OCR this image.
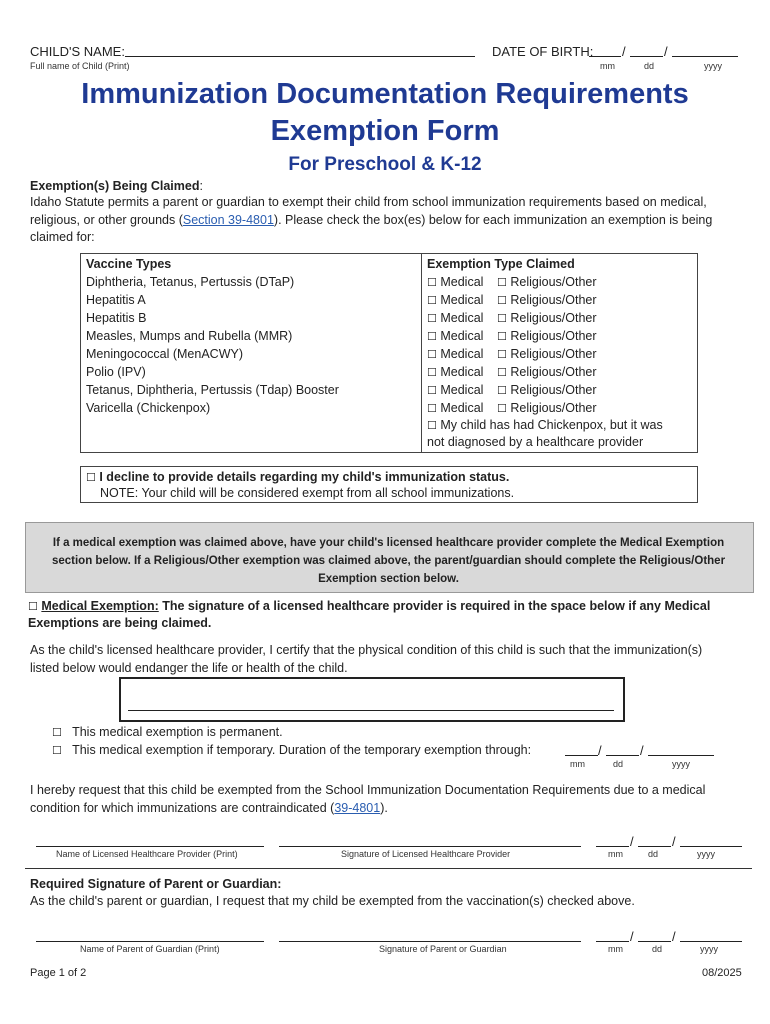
CHILD'S NAME:
Full name of Child (Print)
DATE OF BIRTH: /	/
mm	dd	yyyy
Immunization Documentation Requirements
Exemption Form
For Preschool & K-12
Exemption(s) Being Claimed:
Idaho Statute permits a parent or guardian to exempt their child from school immunization requirements based on medical, religious, or other grounds (Section 39-4801). Please check the box(es) below for each immunization an exemption is being claimed for:
Vaccine Types	Exemption Type Claimed
Diphtheria, Tetanus, Pertussis (DTaP)	☐ Medical ☐ Religious/Other
Hepatitis A	☐ Medical ☐ Religious/Other
Hepatitis B	☐ Medical ☐ Religious/Other
Measles, Mumps and Rubella (MMR)	☐ Medical ☐ Religious/Other
Meningococcal (MenACWY)	☐ Medical ☐ Religious/Other
Polio (IPV)	☐ Medical ☐ Religious/Other
Tetanus, Diphtheria, Pertussis (Tdap) Booster	☐ Medical ☐ Religious/Other
Varicella (Chickenpox)	☐ Medical ☐ Religious/Other
☐ My child has had Chickenpox, but it was
not diagnosed by a healthcare provider
☐ I decline to provide details regarding my child's immunization status.
NOTE: Your child will be considered exempt from all school immunizations.
If a medical exemption was claimed above, have your child's licensed healthcare provider complete the Medical Exemption
section below. If a Religious/Other exemption was claimed above, the parent/guardian should complete the Religious/Other
Exemption section below.
☐ Medical Exemption: The signature of a licensed healthcare provider is required in the space below if any Medical
Exemptions are being claimed.
As the child's licensed healthcare provider, I certify that the physical condition of this child is such that the immunization(s)
listed below would endanger the life or health of the child.
☐ This medical exemption is permanent.
☐ This medical exemption if temporary. Duration of the temporary exemption through:	/	/
mm	dd	yyyy
I hereby request that this child be exempted from the School Immunization Documentation Requirements due to a medical
condition for which immunizations are contraindicated (39-4801).
/	/
Name of Licensed Healthcare Provider (Print)	Signature of Licensed Healthcare Provider	mm	dd	yyyy
Required Signature of Parent or Guardian:
As the child's parent or guardian, I request that my child be exempted from the vaccination(s) checked above.
/	/
Name of Parent of Guardian (Print)	Signature of Parent or Guardian	mm	dd	yyyy
Page 1 of 2	08/2025
